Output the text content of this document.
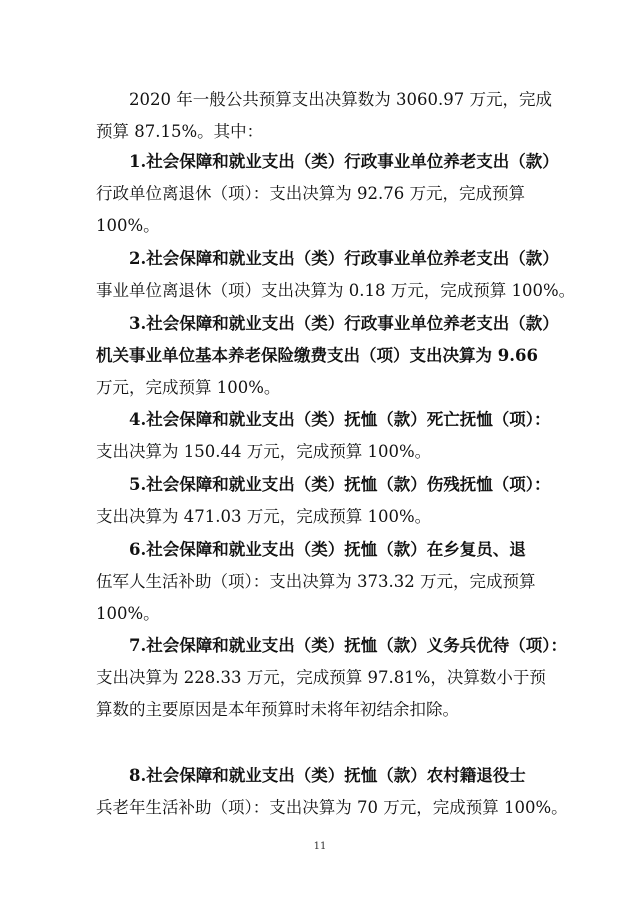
2020 年一般公共预算支出决算数为 3060.97 万元，完成
预算 87.15%。其中：

1.社会保障和就业支出（类）行政事业单位养老支出（款）
行政单位离退休（项）：支出决算为 92.76 万元，完成预算
100%。

2.社会保障和就业支出（类）行政事业单位养老支出（款）
事业单位离退休（项）支出决算为 0.18 万元，完成预算 100%。

3.社会保障和就业支出（类）行政事业单位养老支出（款）
机关事业单位基本养老保险缴费支出（项）支出决算为 9.66
万元，完成预算 100%。

4.社会保障和就业支出（类）抚恤（款）死亡抚恤（项）：
支出决算为 150.44 万元，完成预算 100%。

5.社会保障和就业支出（类）抚恤（款）伤残抚恤（项）：
支出决算为 471.03 万元，完成预算 100%。

6.社会保障和就业支出（类）抚恤（款）在乡复员、退
伍军人生活补助（项）：支出决算为 373.32 万元，完成预算
100%。

7.社会保障和就业支出（类）抚恤（款）义务兵优待（项）：
支出决算为 228.33 万元，完成预算 97.81%，决算数小于预
算数的主要原因是本年预算时未将年初结余扣除。

8.社会保障和就业支出（类）抚恤（款）农村籍退役士
兵老年生活补助（项）：支出决算为 70 万元，完成预算 100%。

11
